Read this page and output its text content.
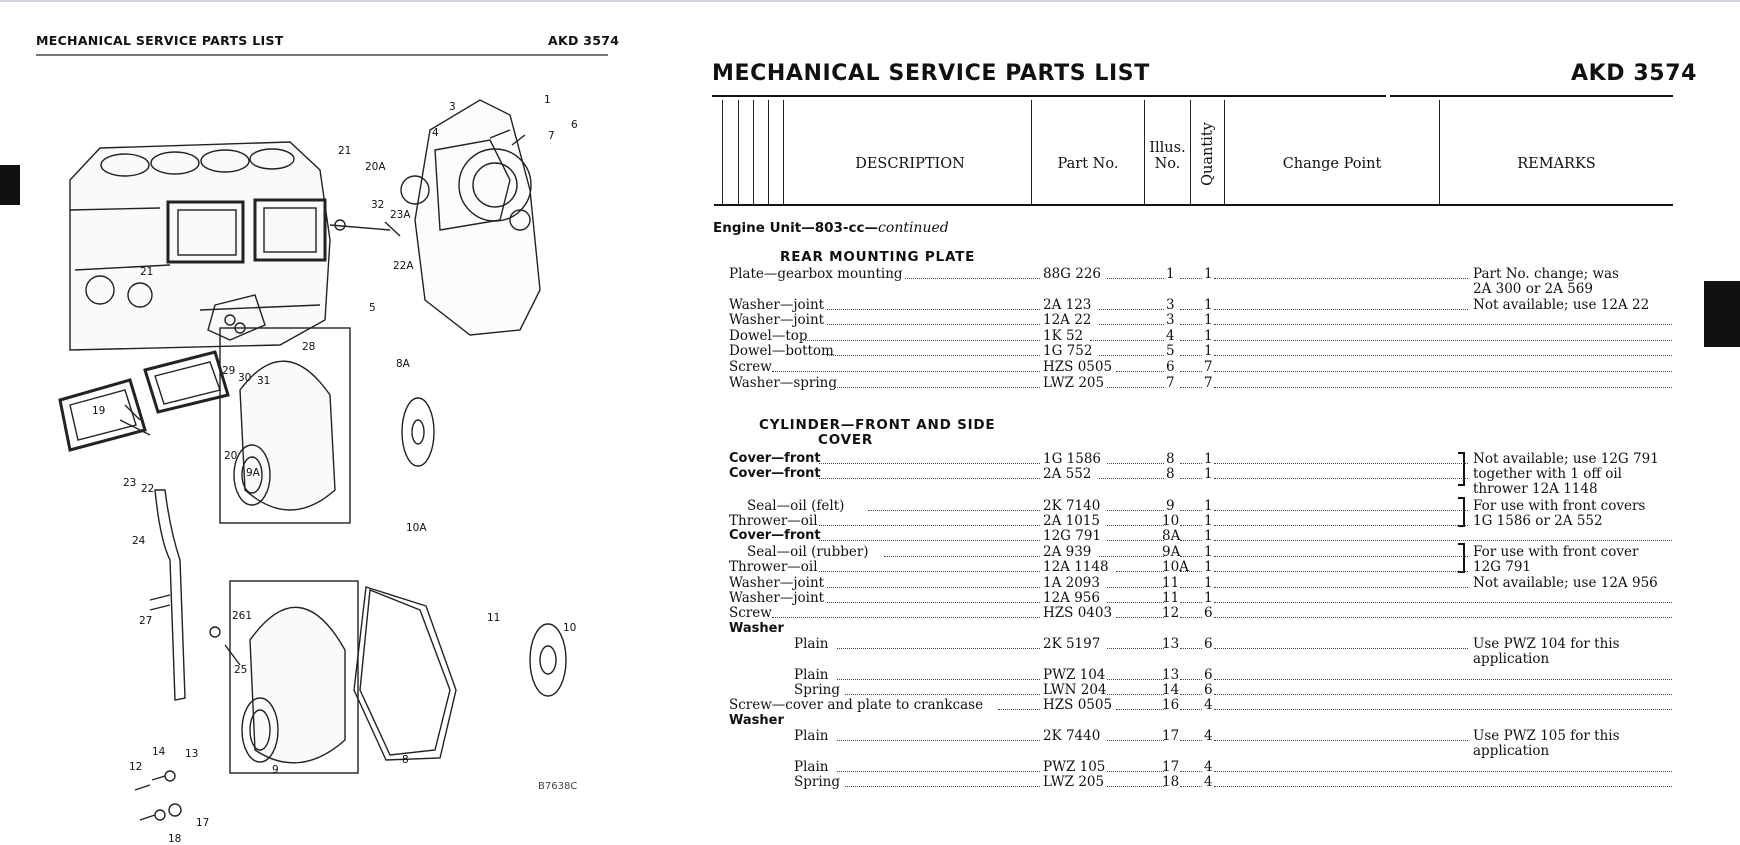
MECHANICAL SERVICE PARTS LIST	AKD 3574
1
3
4	7
6
21
20A
32
23A
22A
21
5
28
29
30 31
8A
19
20
23 22
9A
10A
24
27	261
25
11
10
9
8
12
14 13
17
18
B7638C
MECHANICAL SERVICE PARTS LIST	AKD 3574
DESCRIPTION	Part No.
Illus.
No.	Quantity	Change Point	REMARKS
Engine Unit—803-cc—continued
REAR MOUNTING PLATE
CYLINDER—FRONT AND SIDE
COVER
Plate—gearbox mounting	88G 226	1 1	Part No. change; was
2A 300 or 2A 569
Washer—joint	2A 123	3 1	Not available; use 12A 22
Washer—joint	12A 22	3 1
Dowel—top	1K 52	4 1
Dowel—bottom	1G 752	5 1
Screw	HZS 0505	6 7
Washer—spring	LWZ 205	7 7
Cover—front	1G 1586	8 1	Not available; use 12G 791
Cover—front	2A 552	8 1	together with 1 off oil
thrower 12A 1148
Seal—oil (felt)	2K 7140	9 1	For use with front covers
Thrower—oil	2A 1015	10 1	1G 1586 or 2A 552
Cover—front	12G 791	8A 1
Seal—oil (rubber)	2A 939	9A 1	For use with front cover
Thrower—oil	12A 1148	10A 1	12G 791
Washer—joint	1A 2093	11 1	Not available; use 12A 956
Washer—joint	12A 956	11 1
Screw	HZS 0403	12 6
Washer
Plain	2K 5197	13 6	Use PWZ 104 for this
application
Plain	PWZ 104	13 6
Spring	LWN 204	14 6
Screw—cover and plate to crankcase	HZS 0505	16 4
Washer
Plain	2K 7440	17 4	Use PWZ 105 for this
application
Plain	PWZ 105	17 4
Spring	LWZ 205	18 4
